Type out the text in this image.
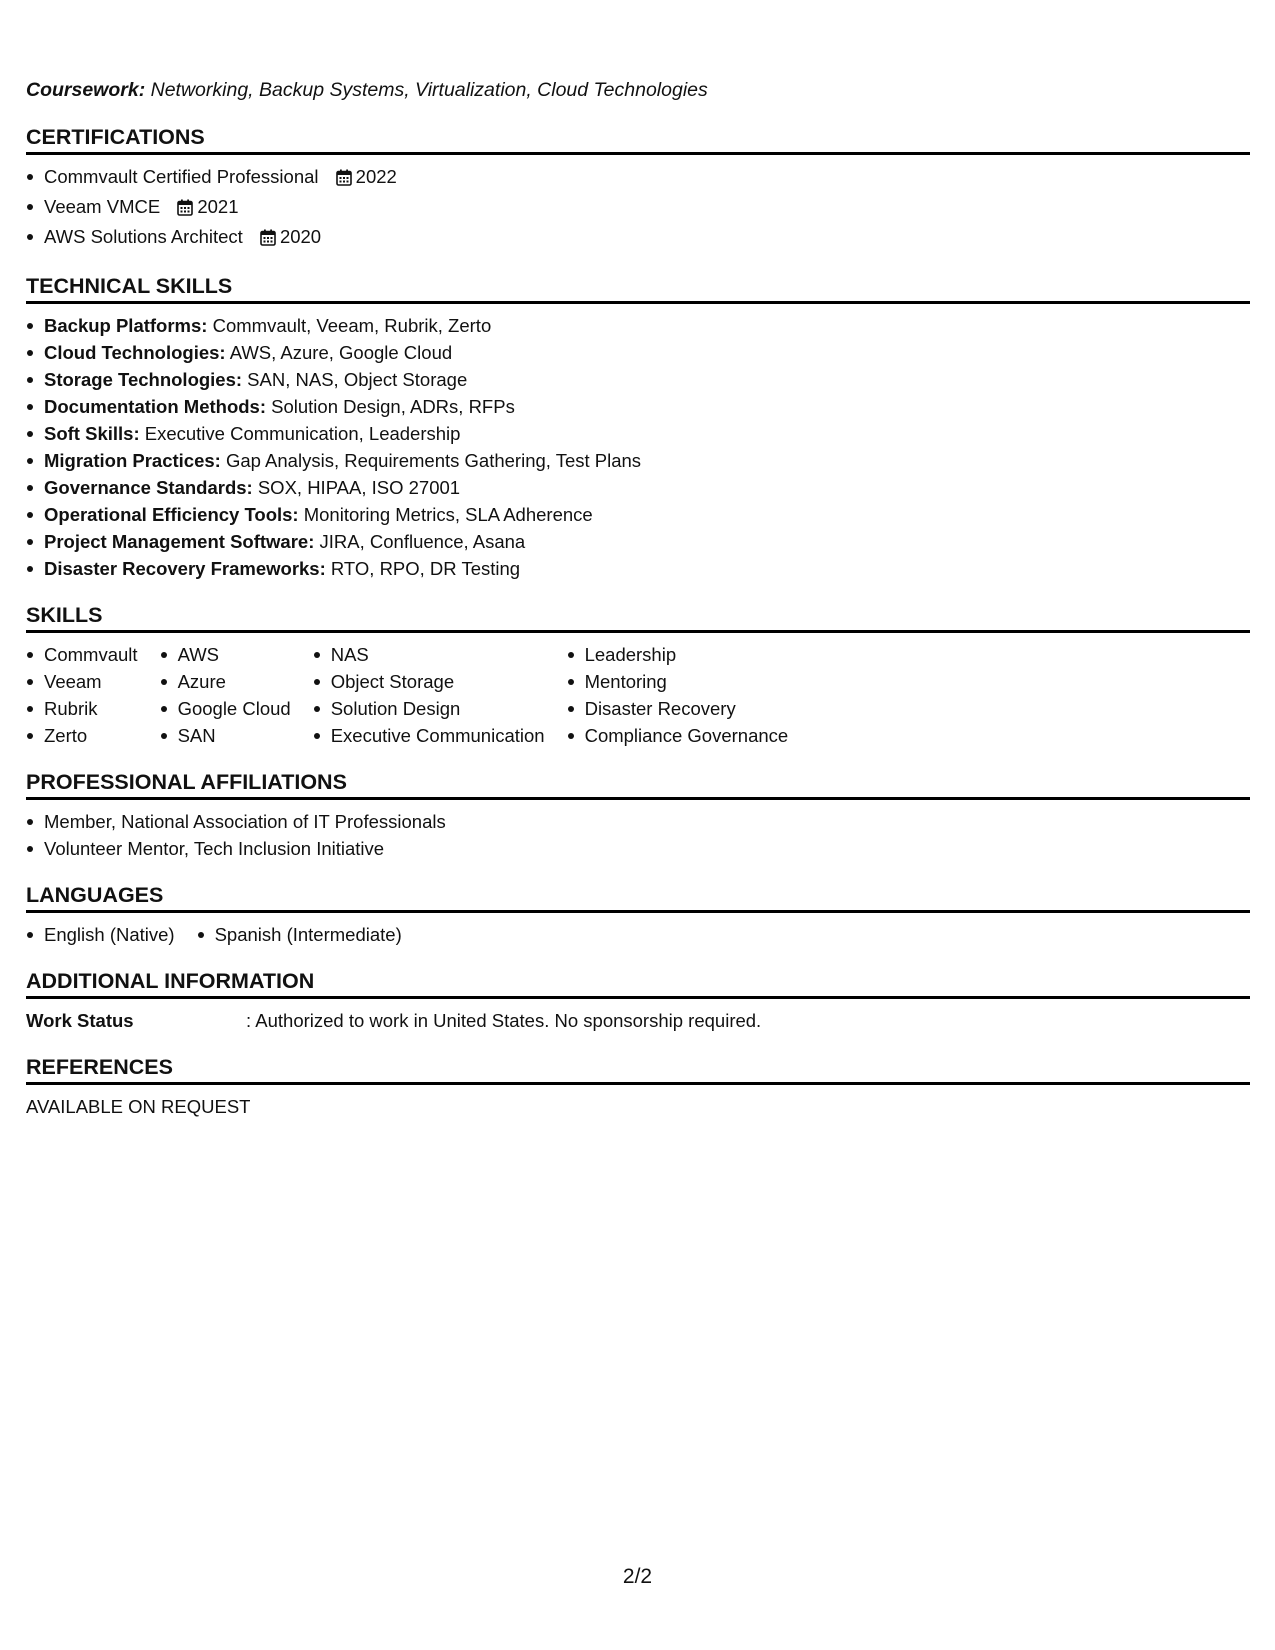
Coursework: Networking, Backup Systems, Virtualization, Cloud Technologies

CERTIFICATIONS
Commvault Certified Professional 2022
Veeam VMCE 2021
AWS Solutions Architect 2020
TECHNICAL SKILLS
Backup Platforms: Commvault, Veeam, Rubrik, Zerto
Cloud Technologies: AWS, Azure, Google Cloud
Storage Technologies: SAN, NAS, Object Storage
Documentation Methods: Solution Design, ADRs, RFPs
Soft Skills: Executive Communication, Leadership
Migration Practices: Gap Analysis, Requirements Gathering, Test Plans
Governance Standards: SOX, HIPAA, ISO 27001
Operational Efficiency Tools: Monitoring Metrics, SLA Adherence
Project Management Software: JIRA, Confluence, Asana
Disaster Recovery Frameworks: RTO, RPO, DR Testing
SKILLS
Commvault
Veeam
Rubrik
Zerto
AWS
Azure
Google Cloud
SAN
NAS
Object Storage
Solution Design
Executive Communication
Leadership
Mentoring
Disaster Recovery
Compliance Governance
PROFESSIONAL AFFILIATIONS
Member, National Association of IT Professionals
Volunteer Mentor, Tech Inclusion Initiative
LANGUAGES
English (Native)	Spanish (Intermediate)
ADDITIONAL INFORMATION
Work Status	: Authorized to work in United States. No sponsorship required.
REFERENCES

AVAILABLE ON REQUEST

2/2
